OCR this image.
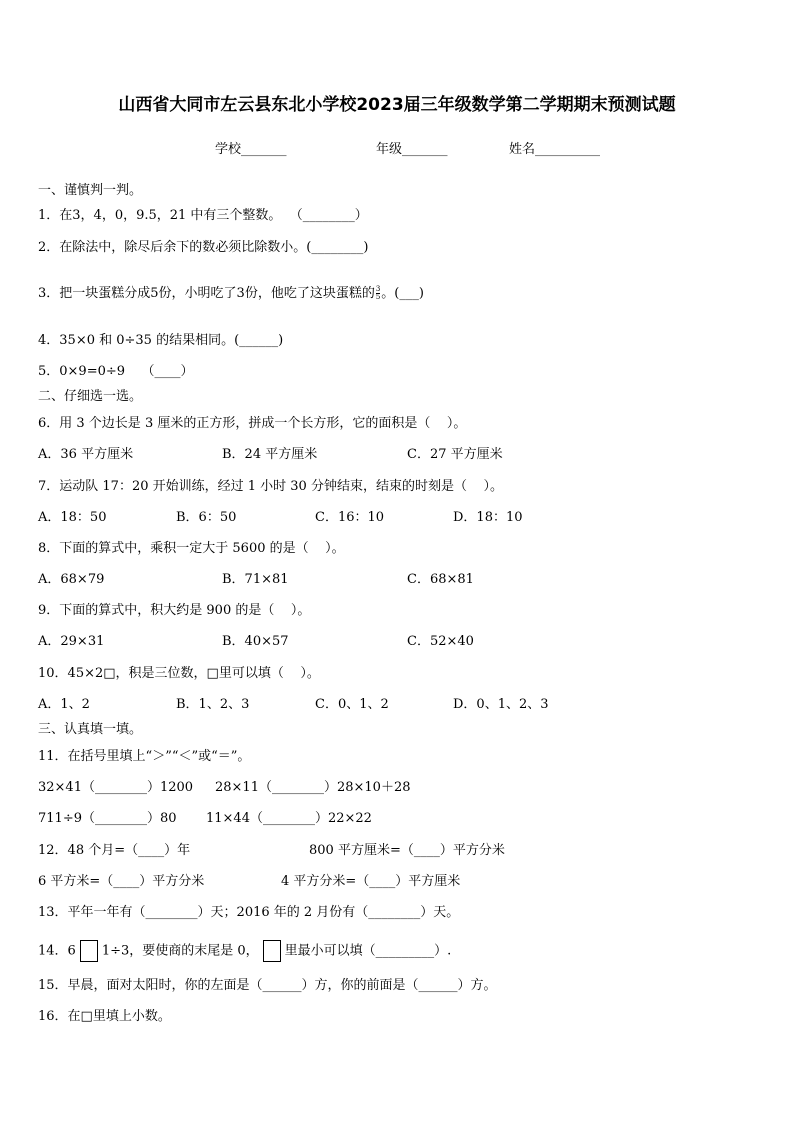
山西省大同市左云县东北小学校2023届三年级数学第二学期期末预测试题
学校_______	年级_______	姓名__________
一、谨慎判一判。
1．在3，4，0，9.5，21 中有三个整数。  （________）
2．在除法中，除尽后余下的数必须比除数小。(________)
3．把一块蛋糕分成5份，小明吃了3份，他吃了这块蛋糕的 $\frac{3}{5}$ 。(___)
4．35×0 和 0÷35 的结果相同。(______)
5．0×9=0÷9    （____）
二、仔细选一选。
6．用 3 个边长是 3 厘米的正方形，拼成一个长方形，它的面积是（    ）。
A．36 平方厘米	B．24 平方厘米	C．27 平方厘米
7．运动队 17：20 开始训练，经过 1 小时 30 分钟结束，结束的时刻是（    ）。
A．18：50	B．6：50	C．16：10	D．18：10
8．下面的算式中，乘积一定大于 5600 的是（    ）。
A．68×79	B．71×81	C．68×81
9．下面的算式中，积大约是 900 的是（    ）。
A．29×31	B．40×57	C．52×40
10．45×2□，积是三位数，□里可以填（    ）。
A．1、2	B．1、2、3	C．0、1、2	D．0、1、2、3
三、认真填一填。
11．在括号里填上“＞”“＜”或“＝”。
32×41（________）1200 28×11（________）28×10＋28
711÷9（________）80 11×44（________）22×22
12．48 个月=（____）年	800 平方厘米=（____）平方分米
6 平方米=（____）平方分米	4 平方分米=（____）平方厘米
13．平年一年有（________）天；2016 年的 2 月份有（________）天。
14．6 1÷3，要使商的末尾是 0， 里最小可以填（_________）.
15．早晨，面对太阳时，你的左面是（______）方，你的前面是（______）方。
16．在□里填上小数。
